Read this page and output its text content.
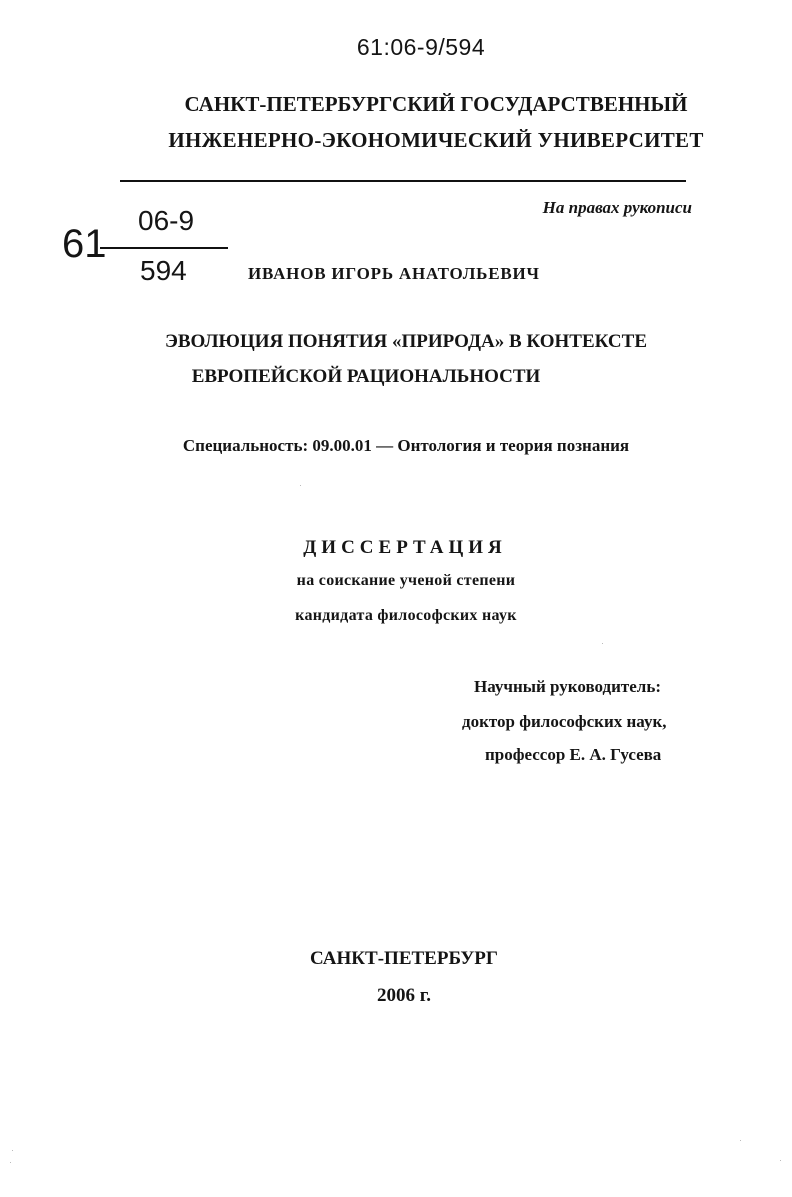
61:06-9/594
САНКТ-ПЕТЕРБУРГСКИЙ ГОСУДАРСТВЕННЫЙ
ИНЖЕНЕРНО-ЭКОНОМИЧЕСКИЙ УНИВЕРСИТЕТ
На правах рукописи
61
06-9
594	ИВАНОВ ИГОРЬ АНАТОЛЬЕВИЧ
ЭВОЛЮЦИЯ ПОНЯТИЯ «ПРИРОДА» В КОНТЕКСТЕ
ЕВРОПЕЙСКОЙ РАЦИОНАЛЬНОСТИ
Специальность: 09.00.01 — Онтология и теория познания
ДИССЕРТАЦИЯ
на соискание ученой степени
кандидата философских наук
Научный руководитель:
доктор философских наук,
профессор Е. А. Гусева
САНКТ-ПЕТЕРБУРГ
2006 г.
